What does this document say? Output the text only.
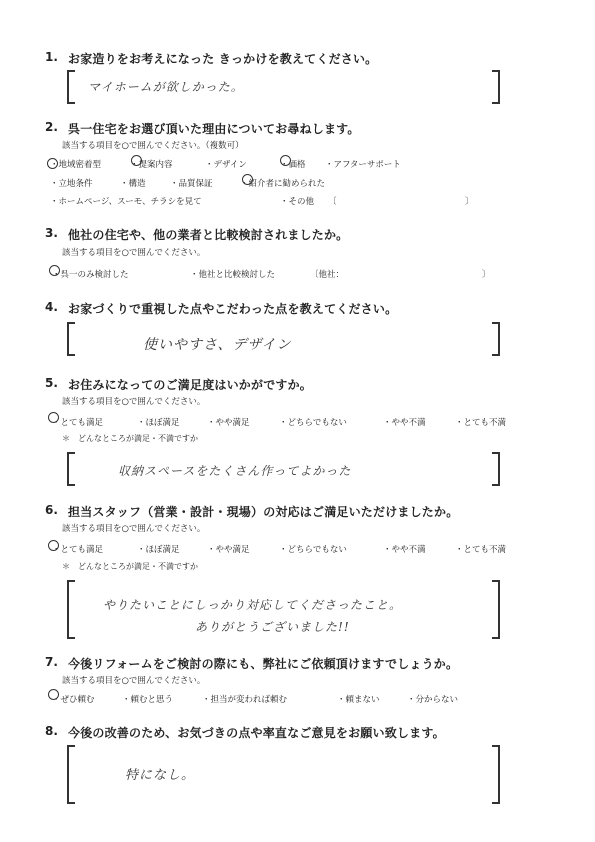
1. お家造りをお考えになった きっかけを教えてください。
マイホームが欲しかった。
2. 呉一住宅をお選び頂いた理由についてお尋ねします。
該当する項目を○で囲んでください。（複数可）
・地域密着型	・提案内容	・デザイン	・価格 ・アフターサポート
・立地条件	・構造	・品質保証	・紹介者に勧められた
・ホームページ、スーモ、チラシを見て	・その他 〔	〕
3. 他社の住宅や、他の業者と比較検討されましたか。
該当する項目を○で囲んでください。
・呉一のみ検討した	・他社と比較検討した	〔他社：	〕
4. お家づくりで重視した点やこだわった点を教えてください。
使いやすさ、デザイン
5. お住みになってのご満足度はいかがですか。
該当する項目を○で囲んでください。
・とても満足	・ほぼ満足	・やや満足	・どちらでもない	・やや不満	・とても不満
＊　どんなところが満足・不満ですか
収納スペースをたくさん作ってよかった
6. 担当スタッフ（営業・設計・現場）の対応はご満足いただけましたか。
該当する項目を○で囲んでください。
・とても満足	・ほぼ満足	・やや満足	・どちらでもない	・やや不満	・とても不満
＊　どんなところが満足・不満ですか
やりたいことにしっかり対応してくださったこと。
ありがとうございました!!
7. 今後リフォームをご検討の際にも、弊社にご依頼頂けますでしょうか。
該当する項目を○で囲んでください。
・ぜひ頼む	・頼むと思う	・担当が変われば頼む	・頼まない	・分からない
8. 今後の改善のため、お気づきの点や率直なご意見をお願い致します。
特になし。
